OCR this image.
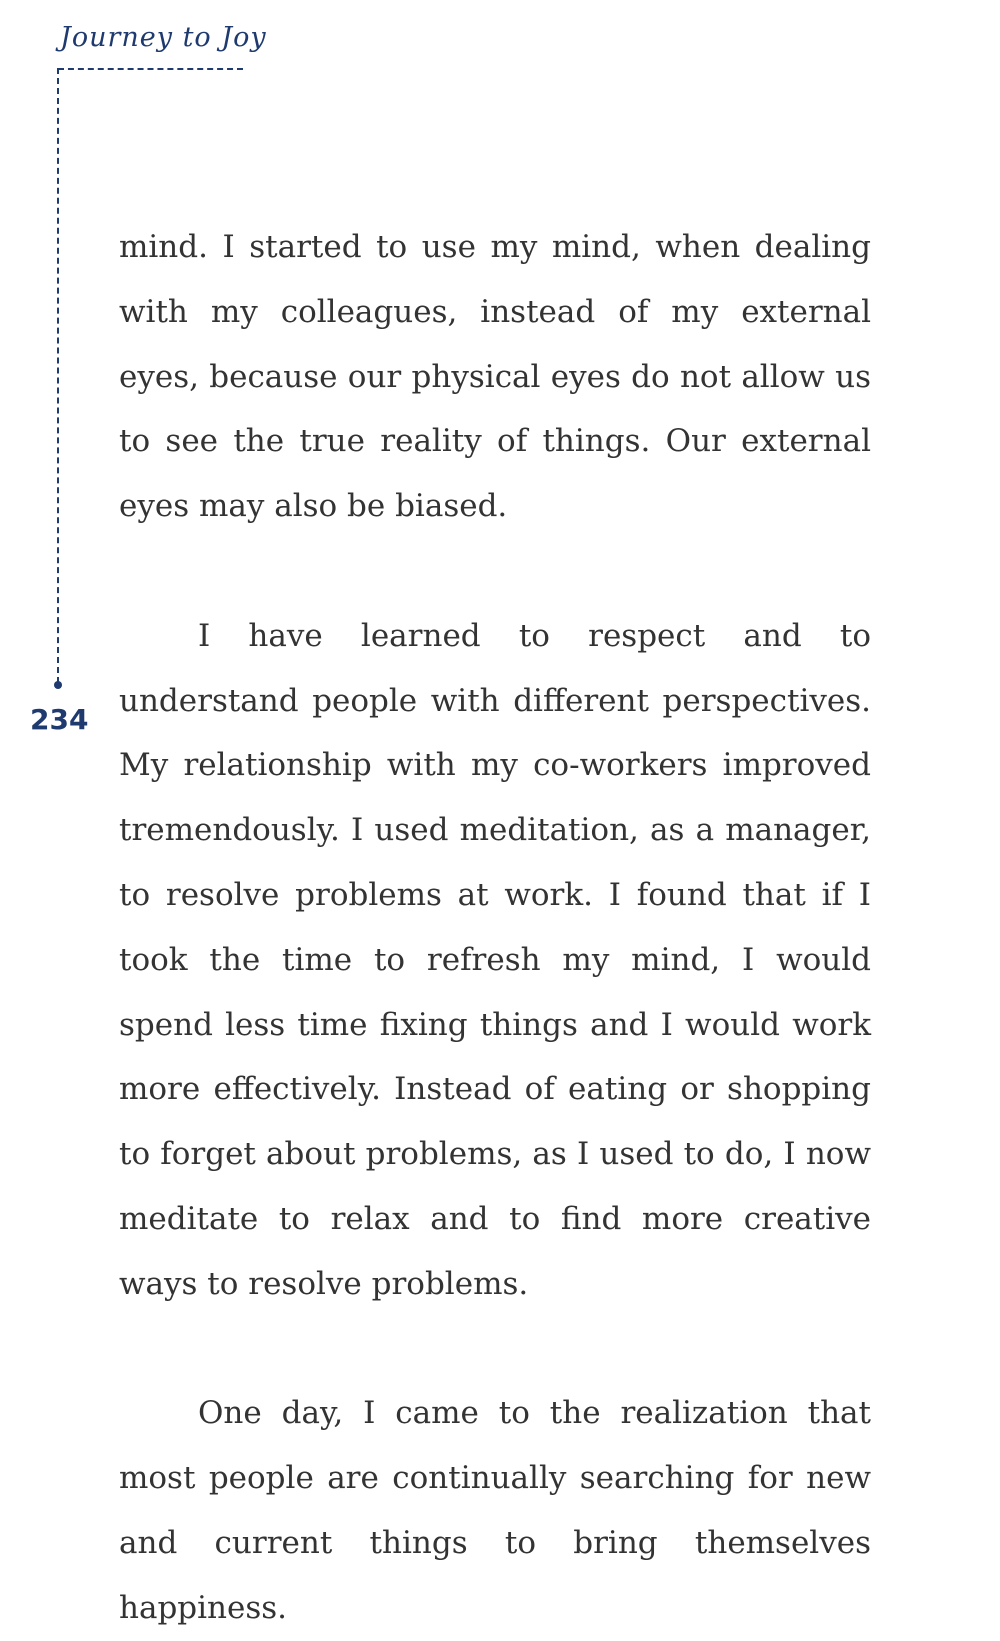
Journey to Joy
234

mind. I started to use my mind, when dealing with my colleagues, instead of my external eyes, because our physical eyes do not allow us to see the true reality of things. Our external eyes may also be biased.

I have learned to respect and to understand people with different perspectives. My relationship with my co-workers improved tremendously. I used meditation, as a manager, to resolve problems at work. I found that if I took the time to refresh my mind, I would spend less time fixing things and I would work more effectively. Instead of eating or shopping to forget about problems, as I used to do, I now meditate to relax and to find more creative ways to resolve problems.

One day, I came to the realization that most people are continually searching for new and current things to bring themselves happiness.
